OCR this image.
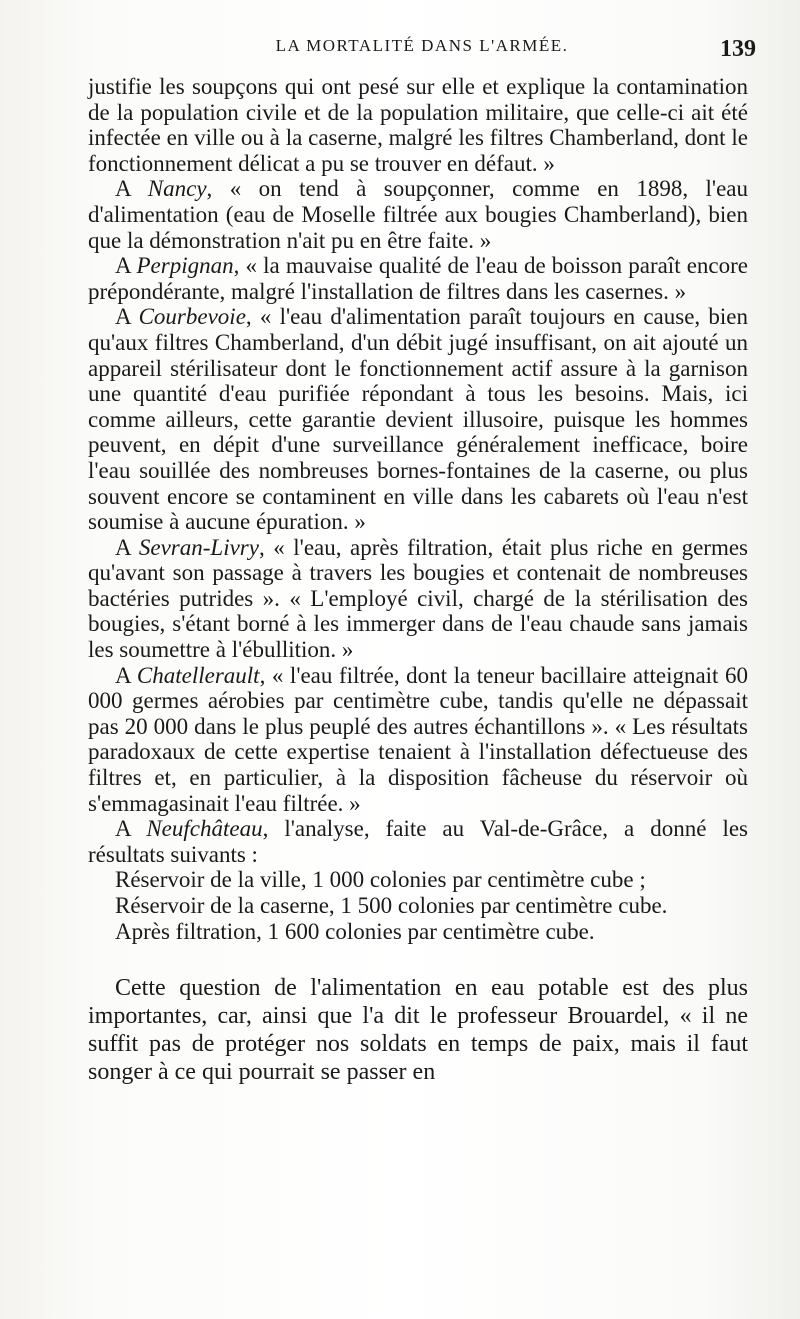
LA MORTALITÉ DANS L'ARMÉE.	139

justifie les soupçons qui ont pesé sur elle et explique la contamination de la population civile et de la population militaire, que celle-ci ait été infectée en ville ou à la caserne, malgré les filtres Chamberland, dont le fonctionnement délicat a pu se trouver en défaut. »

A Nancy, « on tend à soupçonner, comme en 1898, l'eau d'alimentation (eau de Moselle filtrée aux bougies Chamberland), bien que la démonstration n'ait pu en être faite. »

A Perpignan, « la mauvaise qualité de l'eau de boisson paraît encore prépondérante, malgré l'installation de filtres dans les casernes. »

A Courbevoie, « l'eau d'alimentation paraît toujours en cause, bien qu'aux filtres Chamberland, d'un débit jugé insuffisant, on ait ajouté un appareil stérilisateur dont le fonctionnement actif assure à la garnison une quantité d'eau purifiée répondant à tous les besoins. Mais, ici comme ailleurs, cette garantie devient illusoire, puisque les hommes peuvent, en dépit d'une surveillance généralement inefficace, boire l'eau souillée des nombreuses bornes-fontaines de la caserne, ou plus souvent encore se contaminent en ville dans les cabarets où l'eau n'est soumise à aucune épuration. »

A Sevran-Livry, « l'eau, après filtration, était plus riche en germes qu'avant son passage à travers les bougies et contenait de nombreuses bactéries putrides ». « L'employé civil, chargé de la stérilisation des bougies, s'étant borné à les immerger dans de l'eau chaude sans jamais les soumettre à l'ébullition. »

A Chatellerault, « l'eau filtrée, dont la teneur bacillaire atteignait 60 000 germes aérobies par centimètre cube, tandis qu'elle ne dépassait pas 20 000 dans le plus peuplé des autres échantillons ». « Les résultats paradoxaux de cette expertise tenaient à l'installation défectueuse des filtres et, en particulier, à la disposition fâcheuse du réservoir où s'emmagasinait l'eau filtrée. »

A Neufchâteau, l'analyse, faite au Val-de-Grâce, a donné les résultats suivants :

Réservoir de la ville, 1 000 colonies par centimètre cube ;
Réservoir de la caserne, 1 500 colonies par centimètre cube.
Après filtration, 1 600 colonies par centimètre cube.

Cette question de l'alimentation en eau potable est des plus importantes, car, ainsi que l'a dit le professeur Brouardel, « il ne suffit pas de protéger nos soldats en temps de paix, mais il faut songer à ce qui pourrait se passer en
